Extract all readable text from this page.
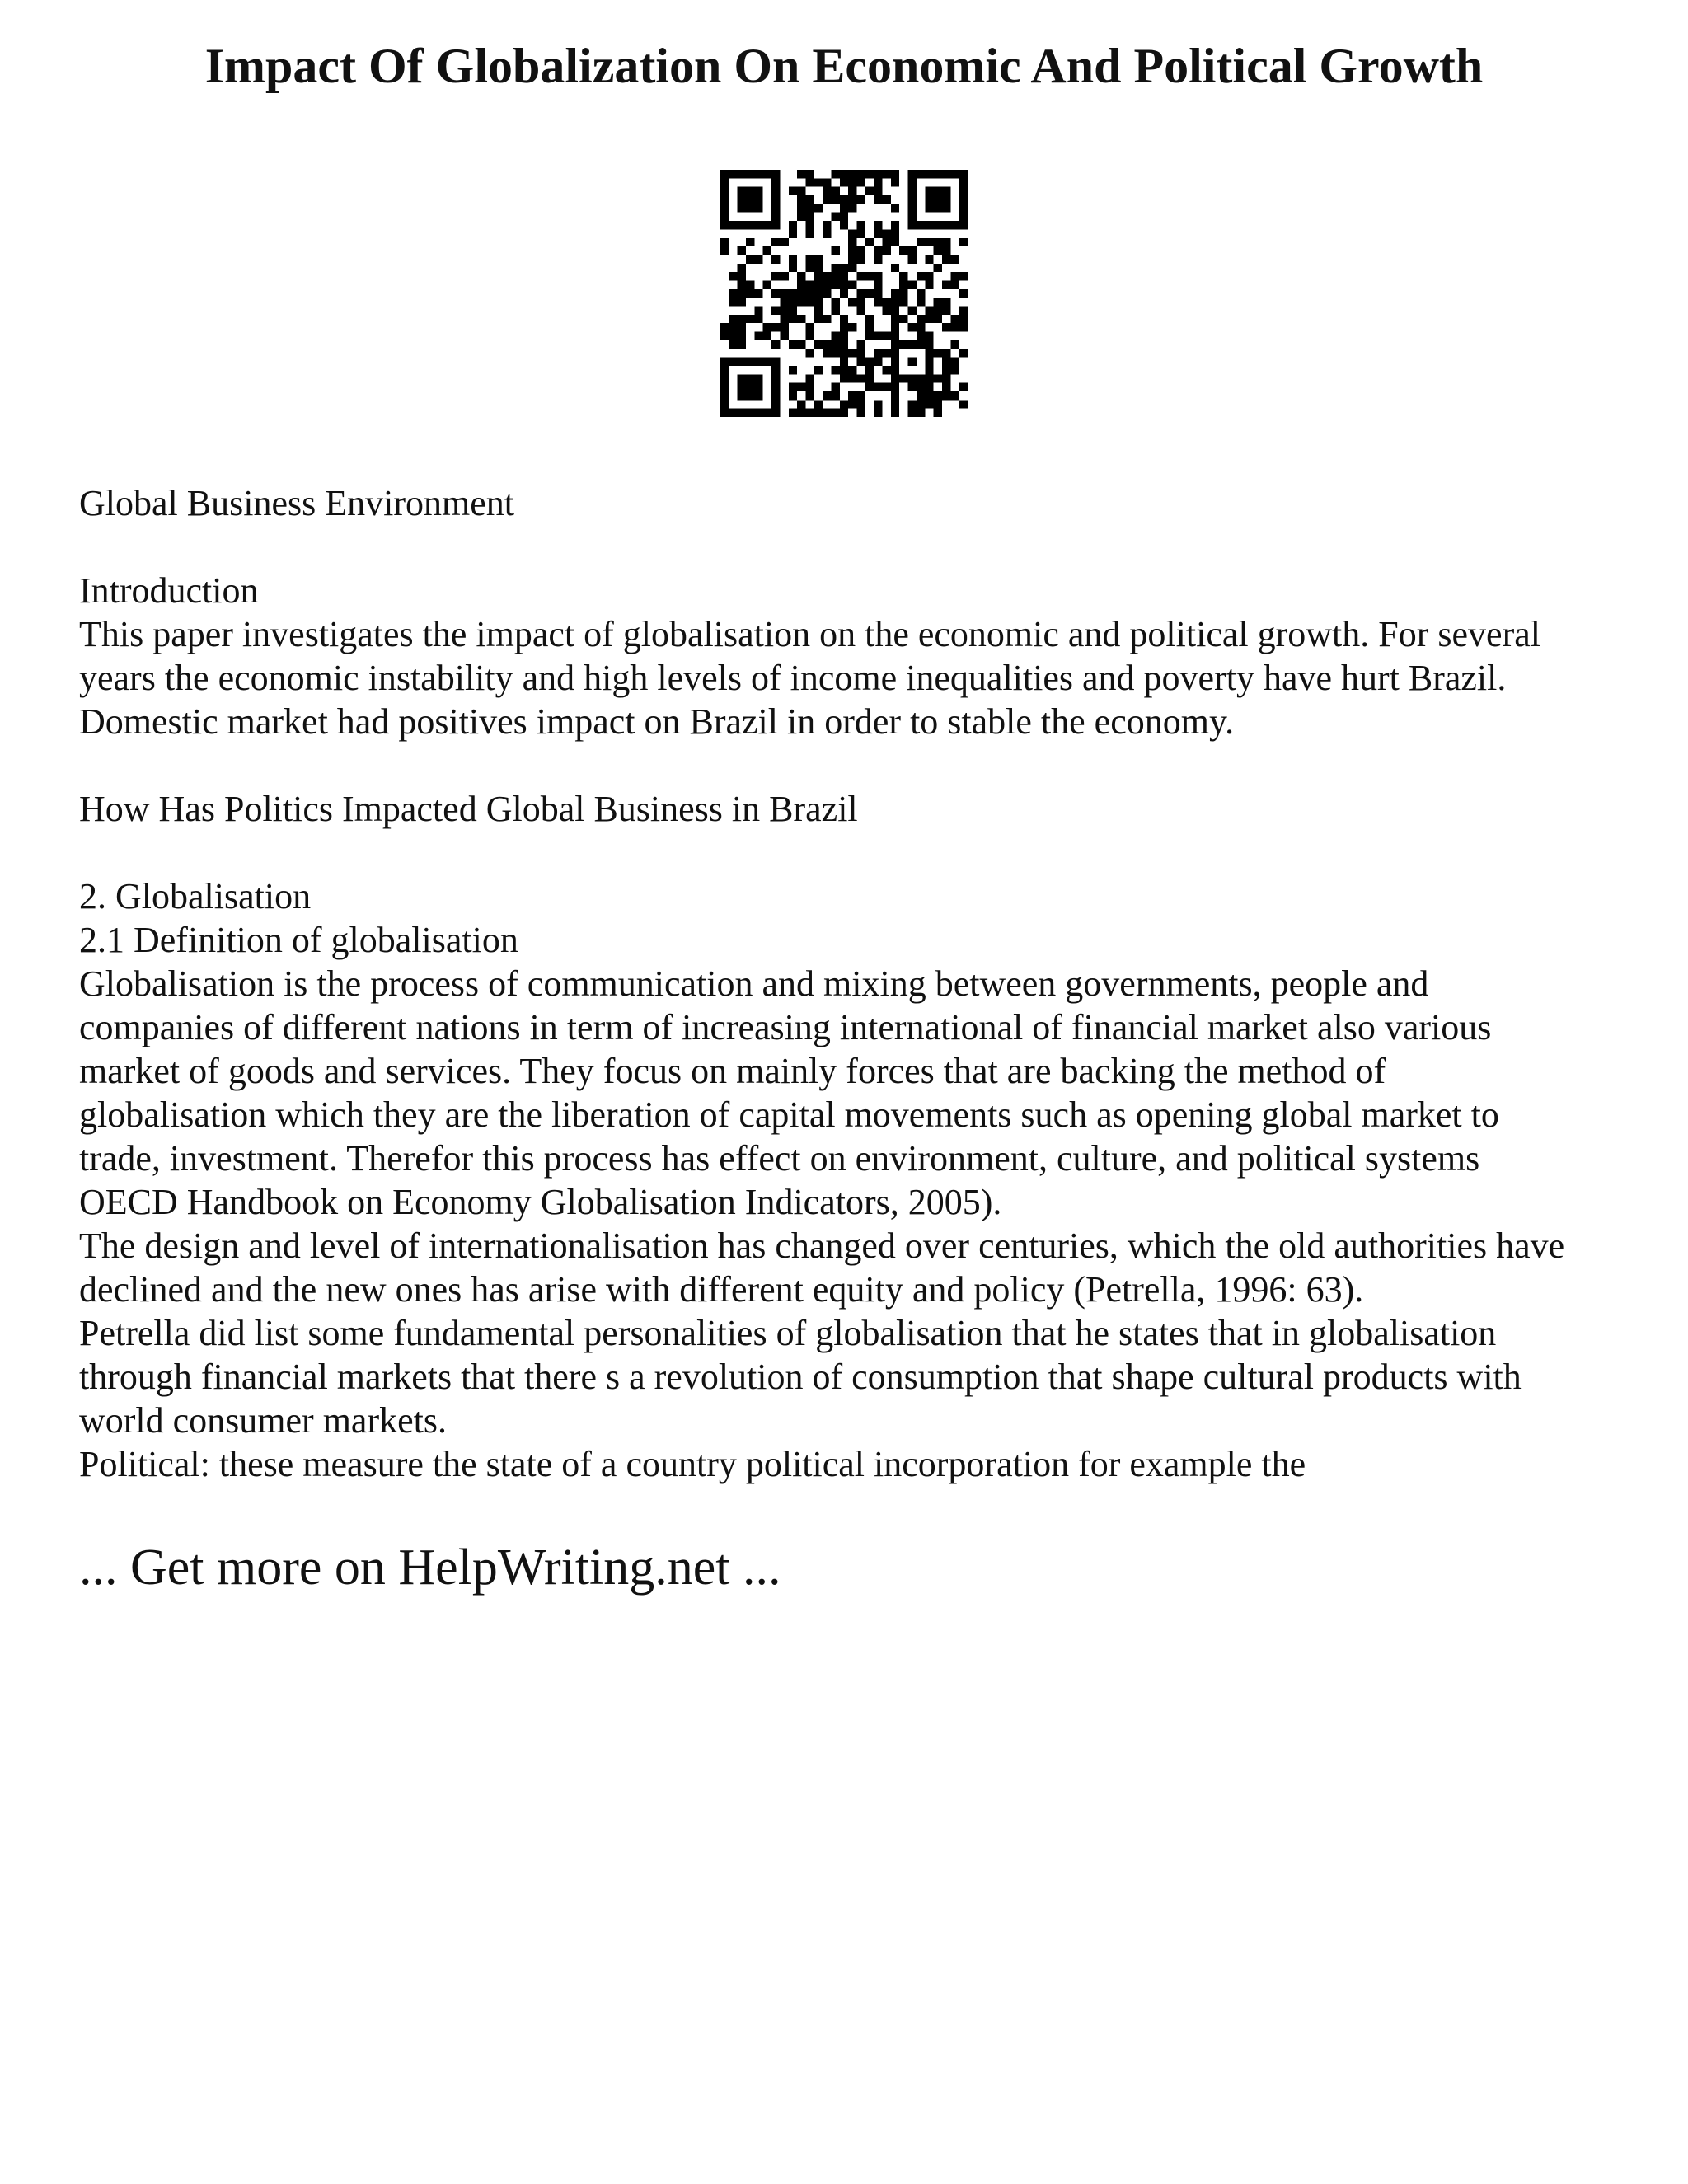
Impact Of Globalization On Economic And Political Growth

Global Business Environment

Introduction
This paper investigates the impact of globalisation on the economic and political growth. For several
years the economic instability and high levels of income inequalities and poverty have hurt Brazil.
Domestic market had positives impact on Brazil in order to stable the economy.

How Has Politics Impacted Global Business in Brazil

2. Globalisation
2.1 Definition of globalisation
Globalisation is the process of communication and mixing between governments, people and
companies of different nations in term of increasing international of financial market also various
market of goods and services. They focus on mainly forces that are backing the method of
globalisation which they are the liberation of capital movements such as opening global market to
trade, investment. Therefor this process has effect on environment, culture, and political systems
OECD Handbook on Economy Globalisation Indicators, 2005).
The design and level of internationalisation has changed over centuries, which the old authorities have
declined and the new ones has arise with different equity and policy (Petrella, 1996: 63).
Petrella did list some fundamental personalities of globalisation that he states that in globalisation
through financial markets that there s a revolution of consumption that shape cultural products with
world consumer markets.
Political: these measure the state of a country political incorporation for example the

... Get more on HelpWriting.net ...
